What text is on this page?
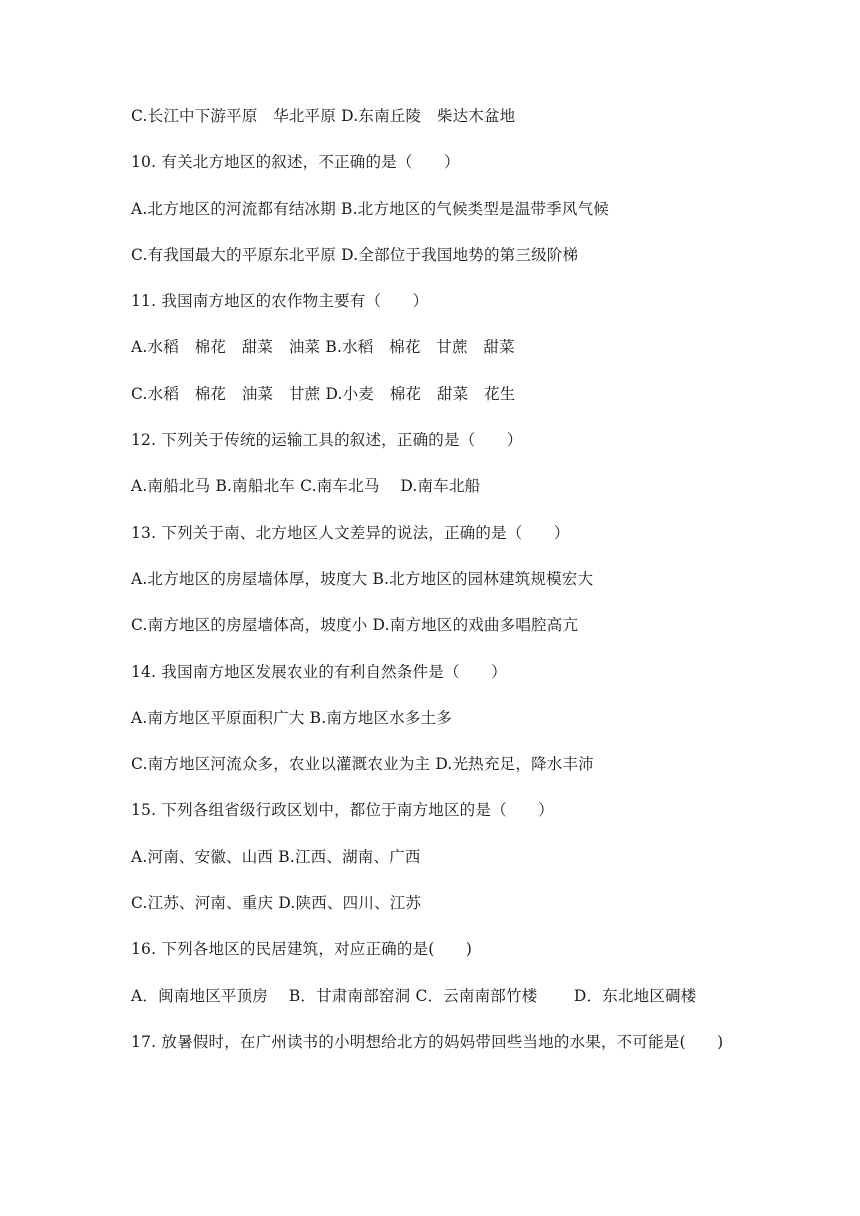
C.长江中下游平原　华北平原 D.东南丘陵　柴达木盆地
10. 有关北方地区的叙述，不正确的是（　　）
A.北方地区的河流都有结冰期 B.北方地区的气候类型是温带季风气候
C.有我国最大的平原东北平原 D.全部位于我国地势的第三级阶梯
11. 我国南方地区的农作物主要有（　　）
A.水稻　棉花　甜菜　油菜 B.水稻　棉花　甘蔗　甜菜
C.水稻　棉花　油菜　甘蔗 D.小麦　棉花　甜菜　花生
12. 下列关于传统的运输工具的叙述，正确的是（　　）
A.南船北马 B.南船北车 C.南车北马　 D.南车北船
13. 下列关于南、北方地区人文差异的说法，正确的是（　　）
A.北方地区的房屋墙体厚，坡度大 B.北方地区的园林建筑规模宏大
C.南方地区的房屋墙体高，坡度小 D.南方地区的戏曲多唱腔高亢
14. 我国南方地区发展农业的有利自然条件是（　　）
A.南方地区平原面积广大 B.南方地区水多土多
C.南方地区河流众多，农业以灌溉农业为主 D.光热充足，降水丰沛
15. 下列各组省级行政区划中，都位于南方地区的是（　　）
A.河南、安徽、山西 B.江西、湖南、广西
C.江苏、河南、重庆 D.陕西、四川、江苏
16. 下列各地区的民居建筑，对应正确的是(　　)
A．闽南地区平顶房　 B．甘肃南部窑洞 C．云南南部竹楼　　 D．东北地区碉楼
17. 放暑假时，在广州读书的小明想给北方的妈妈带回些当地的水果，不可能是(　　)
